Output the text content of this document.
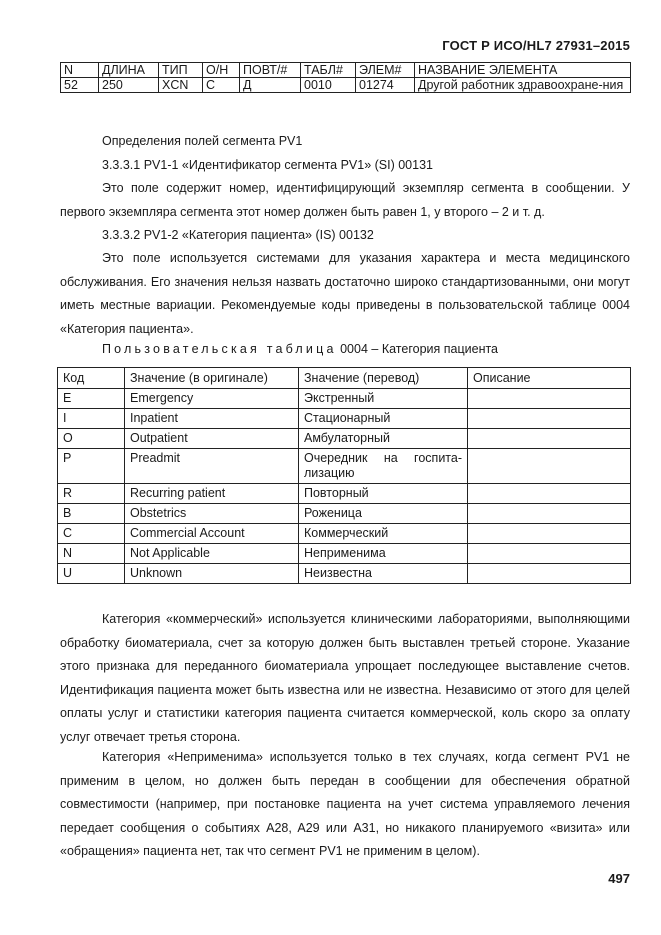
ГОСТ Р ИСО/HL7 27931–2015
N	ДЛИНА	ТИП	О/Н	ПОВТ/#	ТАБЛ#	ЭЛЕМ#	НАЗВАНИЕ ЭЛЕМЕНТА
52	250	XCN	С	Д	0010	01274	Другой работник здравоохране-ния

Определения полей сегмента PV1

3.3.3.1 PV1-1 «Идентификатор сегмента PV1» (SI) 00131

Это поле содержит номер, идентифицирующий экземпляр сегмента в сообщении. У первого экземпляра сегмента этот номер должен быть равен 1, у второго – 2 и т. д.

3.3.3.2 PV1-2 «Категория пациента» (IS) 00132

Это поле используется системами для указания характера и места медицинского обслуживания. Его значения нельзя назвать достаточно широко стандартизованными, они могут иметь местные вариации. Рекомендуемые коды приведены в пользовательской таблице 0004 «Категория пациента».

Пользовательская таблица 0004 – Категория пациента
Код	Значение (в оригинале)	Значение (перевод)	Описание
E	Emergency	Экстренный	
I	Inpatient	Стационарный	
O	Outpatient	Амбулаторный	
P	Preadmit	Очередник на госпита-лизацию	
R	Recurring patient	Повторный	
B	Obstetrics	Роженица	
C	Commercial Account	Коммерческий	
N	Not Applicable	Неприменима	
U	Unknown	Неизвестна	

Категория «коммерческий» используется клиническими лабораториями, выполняющими обработку биоматериала, счет за которую должен быть выставлен третьей стороне. Указание этого признака для переданного биоматериала упрощает последующее выставление счетов. Идентификация пациента может быть известна или не известна. Независимо от этого для целей оплаты услуг и статистики категория пациента считается коммерческой, коль скоро за оплату услуг отвечает третья сторона.

Категория «Неприменима» используется только в тех случаях, когда сегмент PV1 не применим в целом, но должен быть передан в сообщении для обеспечения обратной совместимости (например, при постановке пациента на учет система управляемого лечения передает сообщения о событиях A28, A29 или A31, но никакого планируемого «визита» или «обращения» пациента нет, так что сегмент PV1 не применим в целом).

497
